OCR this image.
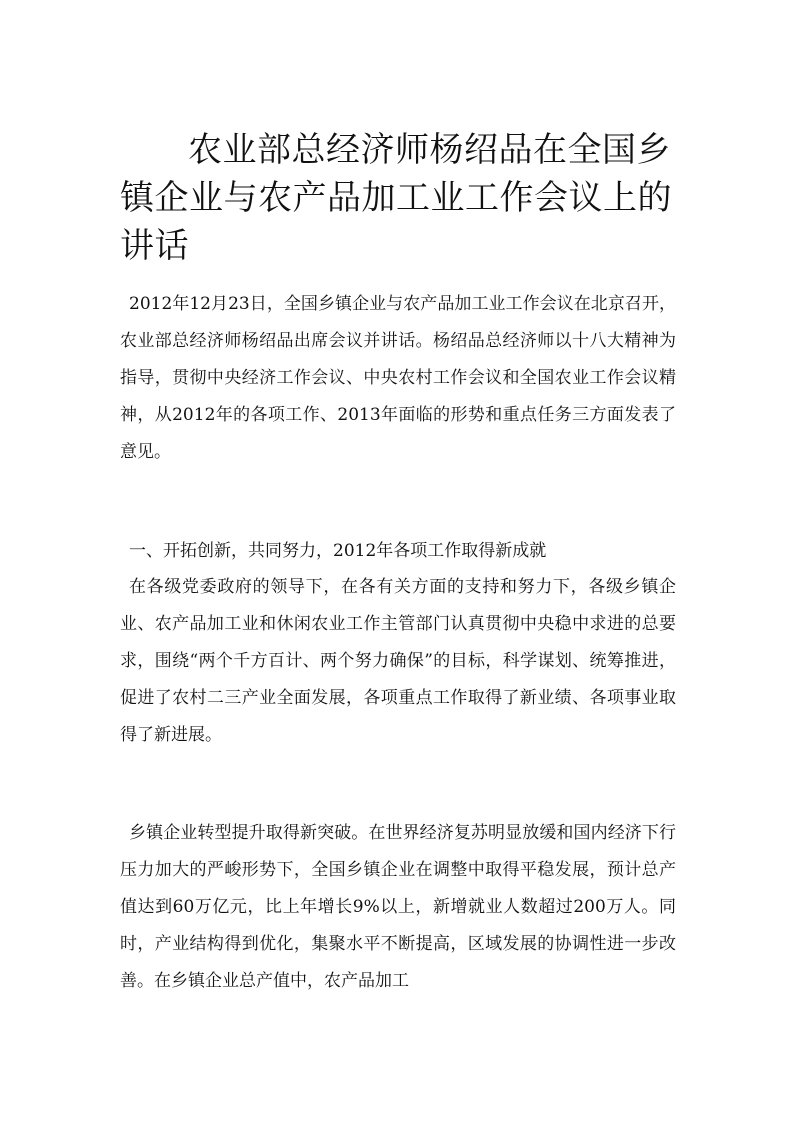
农业部总经济师杨绍品在全国乡镇企业与农产品加工业工作会议上的讲话

2012年12月23日，全国乡镇企业与农产品加工业工作会议在北京召开，农业部总经济师杨绍品出席会议并讲话。杨绍品总经济师以十八大精神为指导，贯彻中央经济工作会议、中央农村工作会议和全国农业工作会议精神，从2012年的各项工作、2013年面临的形势和重点任务三方面发表了意见。

一、开拓创新，共同努力，2012年各项工作取得新成就

在各级党委政府的领导下，在各有关方面的支持和努力下，各级乡镇企业、农产品加工业和休闲农业工作主管部门认真贯彻中央稳中求进的总要求，围绕“两个千方百计、两个努力确保”的目标，科学谋划、统筹推进，促进了农村二三产业全面发展，各项重点工作取得了新业绩、各项事业取得了新进展。

乡镇企业转型提升取得新突破。在世界经济复苏明显放缓和国内经济下行压力加大的严峻形势下，全国乡镇企业在调整中取得平稳发展，预计总产值达到60万亿元，比上年增长9%以上，新增就业人数超过200万人。同时，产业结构得到优化，集聚水平不断提高，区域发展的协调性进一步改善。在乡镇企业总产值中，农产品加工
